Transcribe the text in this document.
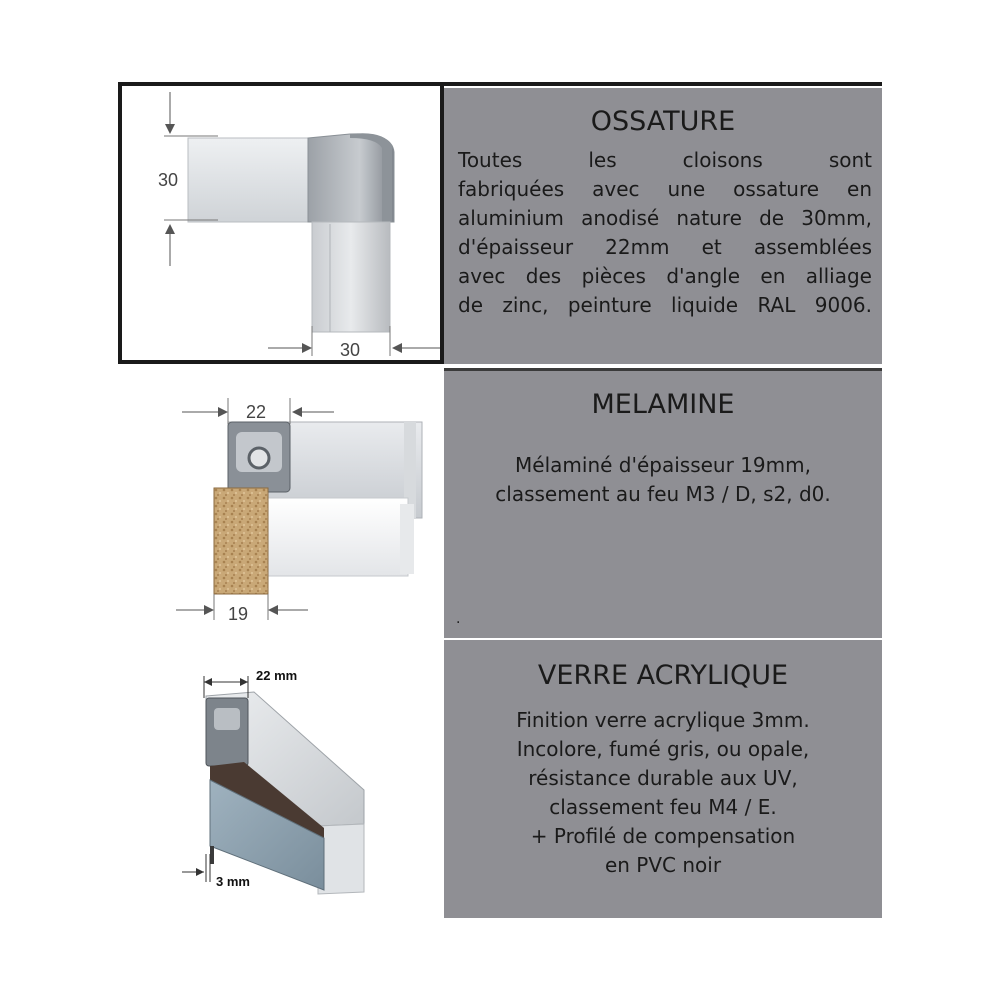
30
30
OSSATURE
Toutes les cloisons sont
fabriquées avec une ossature en
aluminium anodisé nature de 30mm,
d'épaisseur 22mm et assemblées
avec des pièces d'angle en alliage
de zinc, peinture liquide RAL 9006.
22
19
MELAMINE
Mélaminé d'épaisseur 19mm,
classement au feu M3 / D, s2, d0.
.
22 mm
3 mm
VERRE ACRYLIQUE
Finition verre acrylique 3mm.
Incolore, fumé gris, ou opale,
résistance durable aux UV,
classement feu M4 / E.
+ Profilé de compensation
en PVC noir
